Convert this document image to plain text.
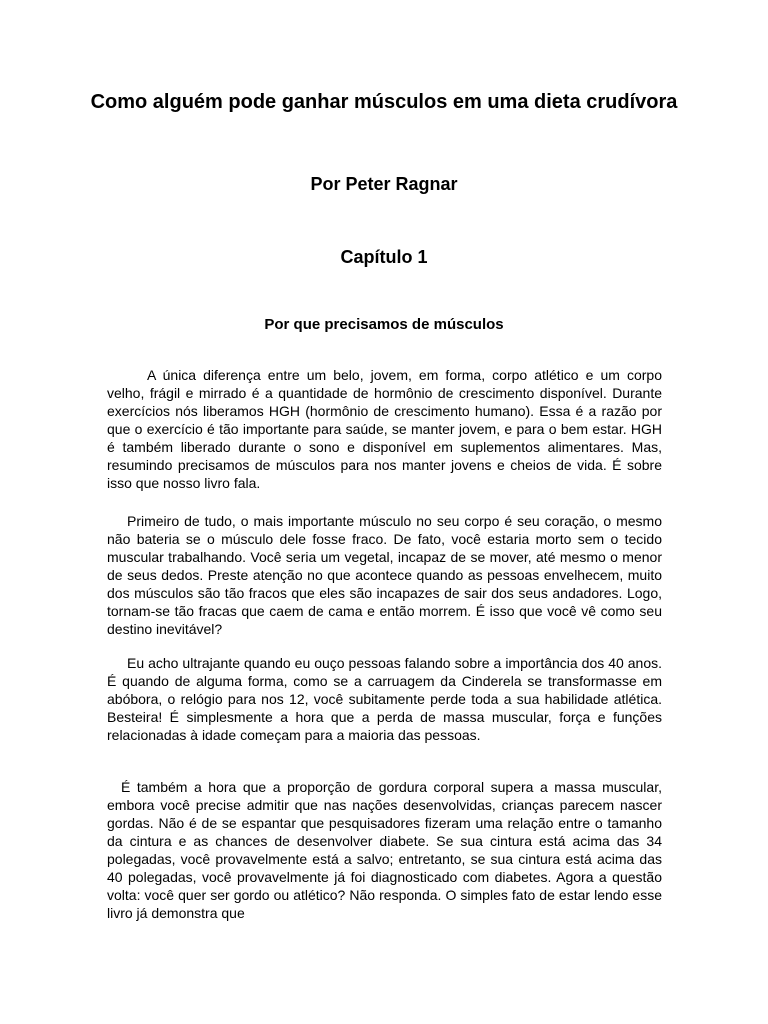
Como alguém pode ganhar músculos em uma dieta crudívora
Por Peter Ragnar
Capítulo 1
Por que precisamos de músculos

A única diferença entre um belo, jovem, em forma, corpo atlético e um corpo velho, frágil e mirrado é a quantidade de hormônio de crescimento disponível. Durante exercícios nós liberamos HGH (hormônio de crescimento humano). Essa é a razão por que o exercício é tão importante para saúde, se manter jovem, e para o bem estar. HGH é também liberado durante o sono e disponível em suplementos alimentares. Mas, resumindo precisamos de músculos para nos manter jovens e cheios de vida. É sobre isso que nosso livro fala.

Primeiro de tudo, o mais importante músculo no seu corpo é seu coração, o mesmo não bateria se o músculo dele fosse fraco. De fato, você estaria morto sem o tecido muscular trabalhando. Você seria um vegetal, incapaz de se mover, até mesmo o menor de seus dedos. Preste atenção no que acontece quando as pessoas envelhecem, muito dos músculos são tão fracos que eles são incapazes de sair dos seus andadores. Logo, tornam-se tão fracas que caem de cama e então morrem. É isso que você vê como seu destino inevitável?

Eu acho ultrajante quando eu ouço pessoas falando sobre a importância dos 40 anos. É quando de alguma forma, como se a carruagem da Cinderela se transformasse em abóbora, o relógio para nos 12, você subitamente perde toda a sua habilidade atlética. Besteira! É simplesmente a hora que a perda de massa muscular, força e funções relacionadas à idade começam para a maioria das pessoas.

É também a hora que a proporção de gordura corporal supera a massa muscular, embora você precise admitir que nas nações desenvolvidas, crianças parecem nascer gordas. Não é de se espantar que pesquisadores fizeram uma relação entre o tamanho da cintura e as chances de desenvolver diabete. Se sua cintura está acima das 34 polegadas, você provavelmente está a salvo; entretanto, se sua cintura está acima das 40 polegadas, você provavelmente já foi diagnosticado com diabetes. Agora a questão volta: você quer ser gordo ou atlético? Não responda. O simples fato de estar lendo esse livro já demonstra que
